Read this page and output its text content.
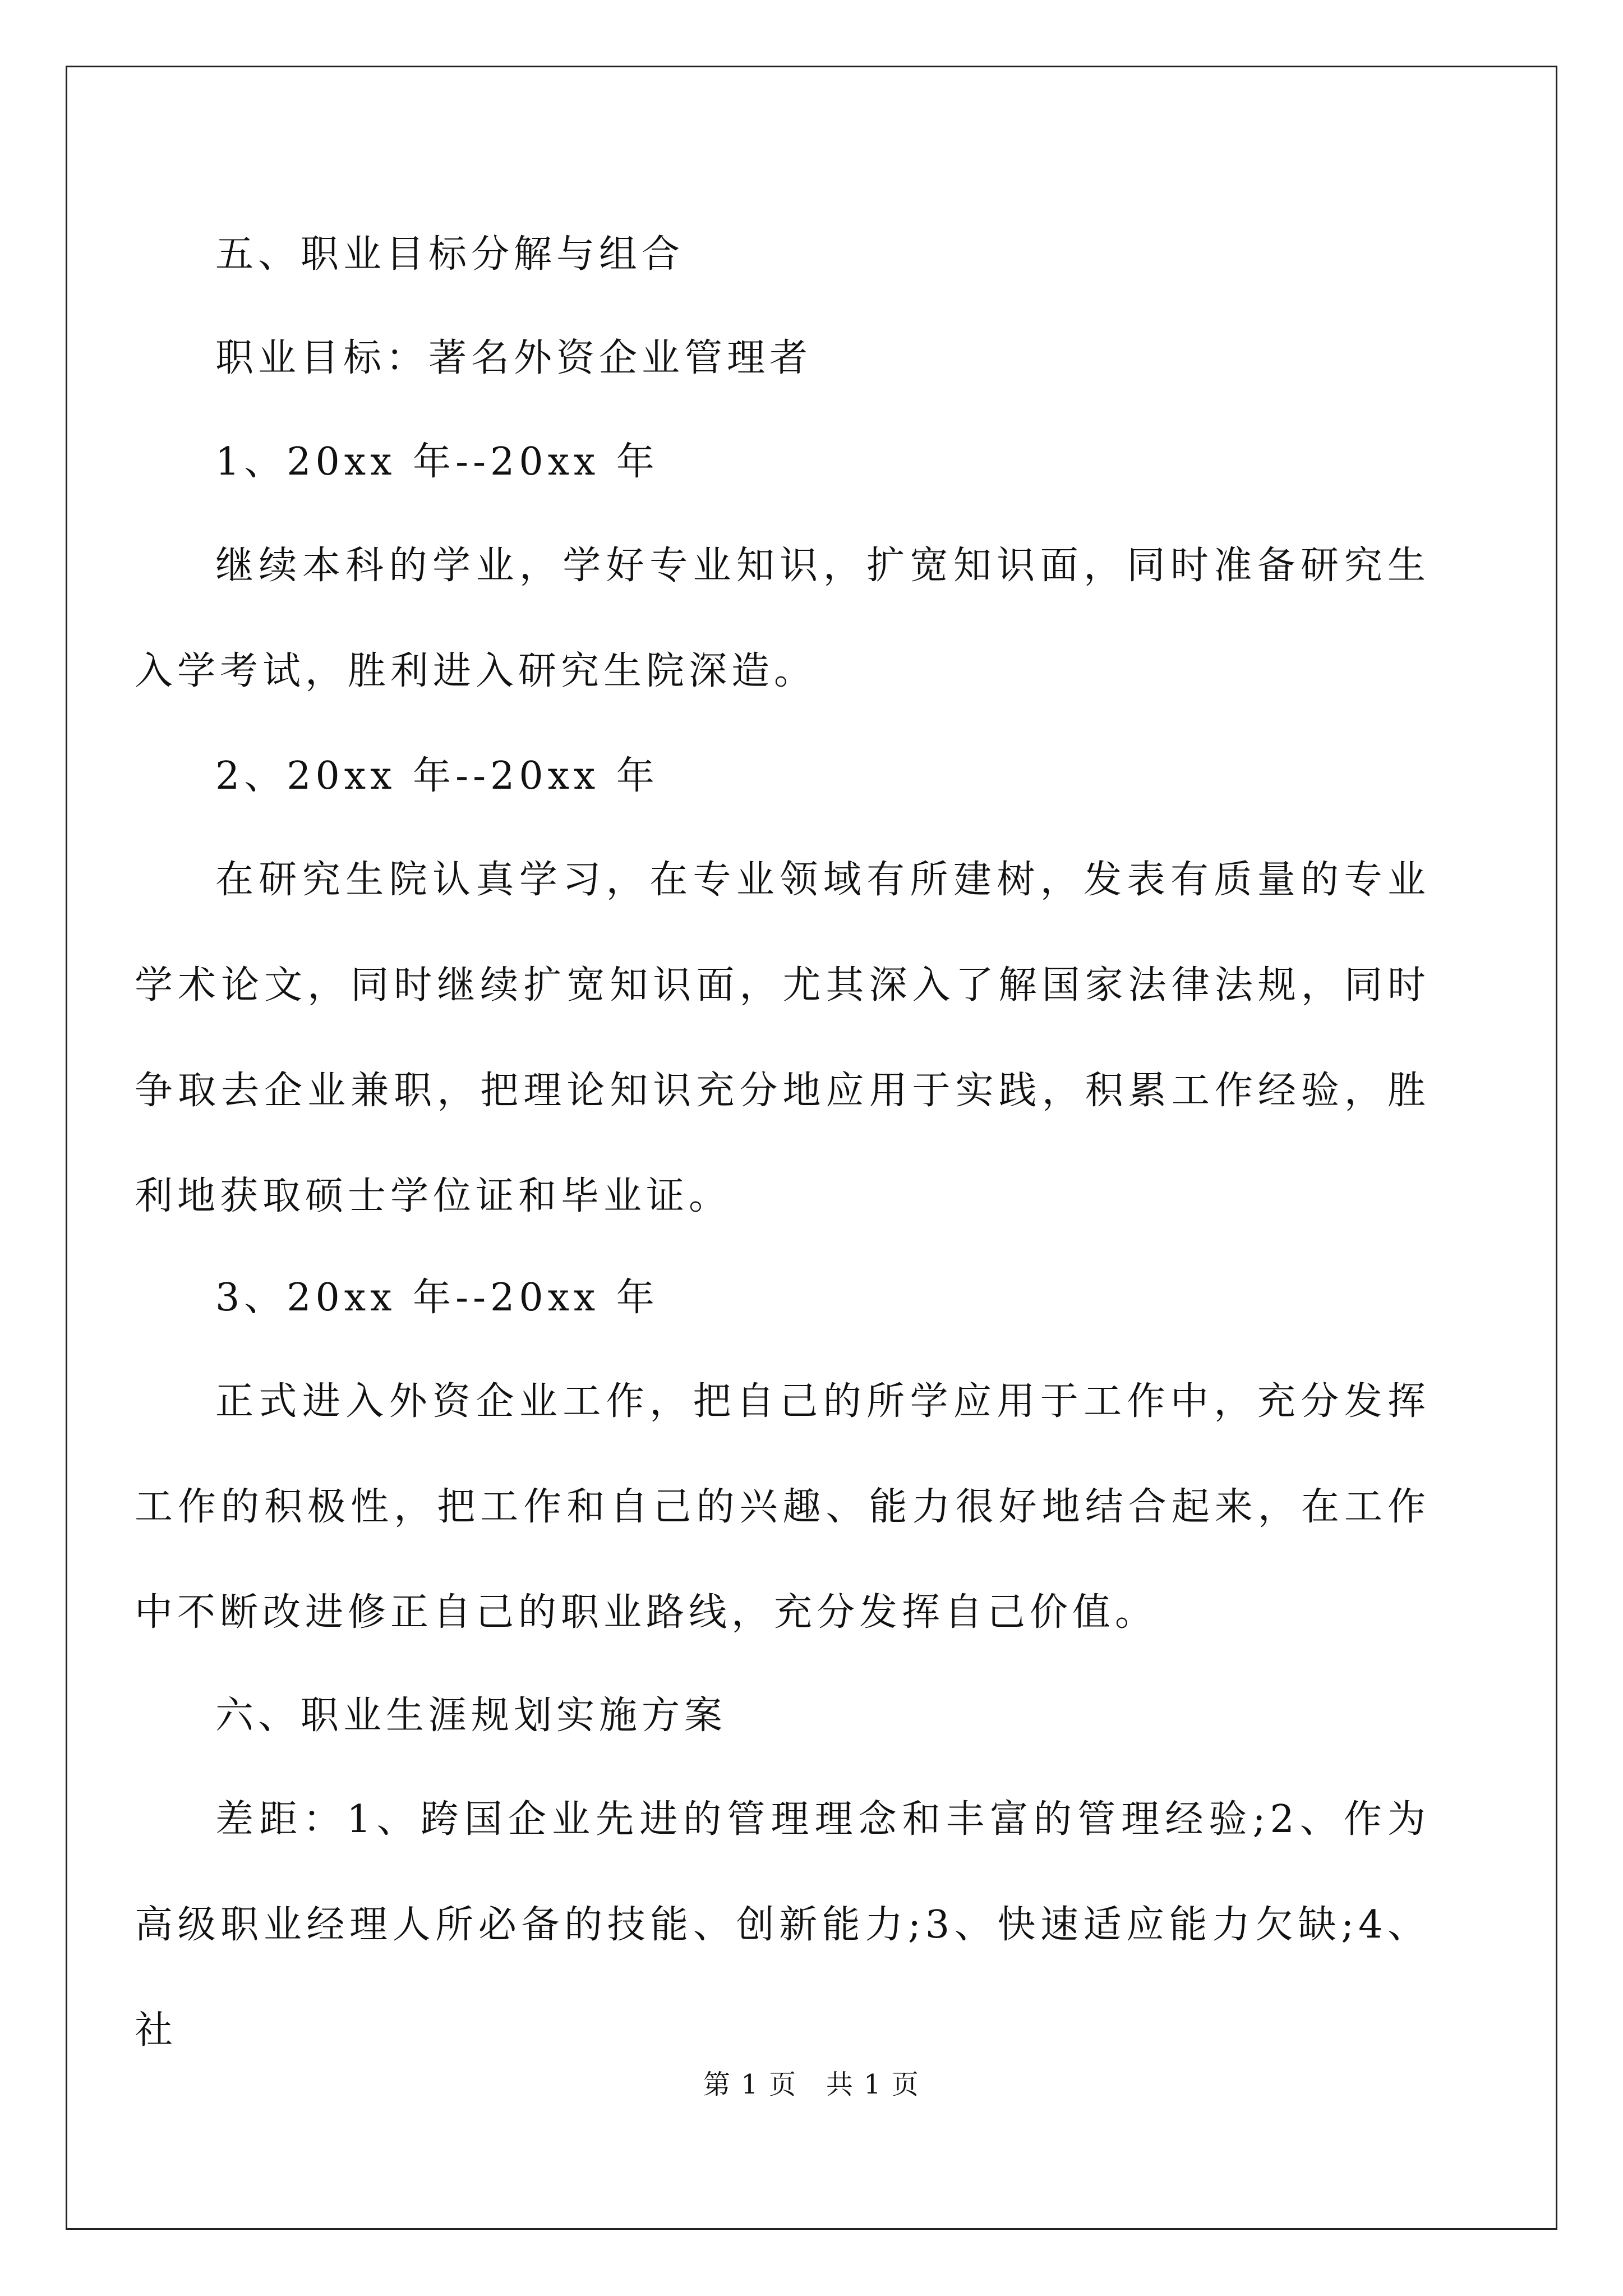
五、职业目标分解与组合

职业目标：著名外资企业管理者

1、20xx 年--20xx 年

继续本科的学业，学好专业知识，扩宽知识面，同时准备研究生入学考试，胜利进入研究生院深造。

2、20xx 年--20xx 年

在研究生院认真学习，在专业领域有所建树，发表有质量的专业学术论文，同时继续扩宽知识面，尤其深入了解国家法律法规，同时争取去企业兼职，把理论知识充分地应用于实践，积累工作经验，胜利地获取硕士学位证和毕业证。

3、20xx 年--20xx 年

正式进入外资企业工作，把自己的所学应用于工作中，充分发挥工作的积极性，把工作和自己的兴趣、能力很好地结合起来，在工作中不断改进修正自己的职业路线，充分发挥自己价值。

六、职业生涯规划实施方案

差距：1、跨国企业先进的管理理念和丰富的管理经验;2、作为高级职业经理人所必备的技能、创新能力;3、快速适应能力欠缺;4、社

第 1 页   共 1 页
